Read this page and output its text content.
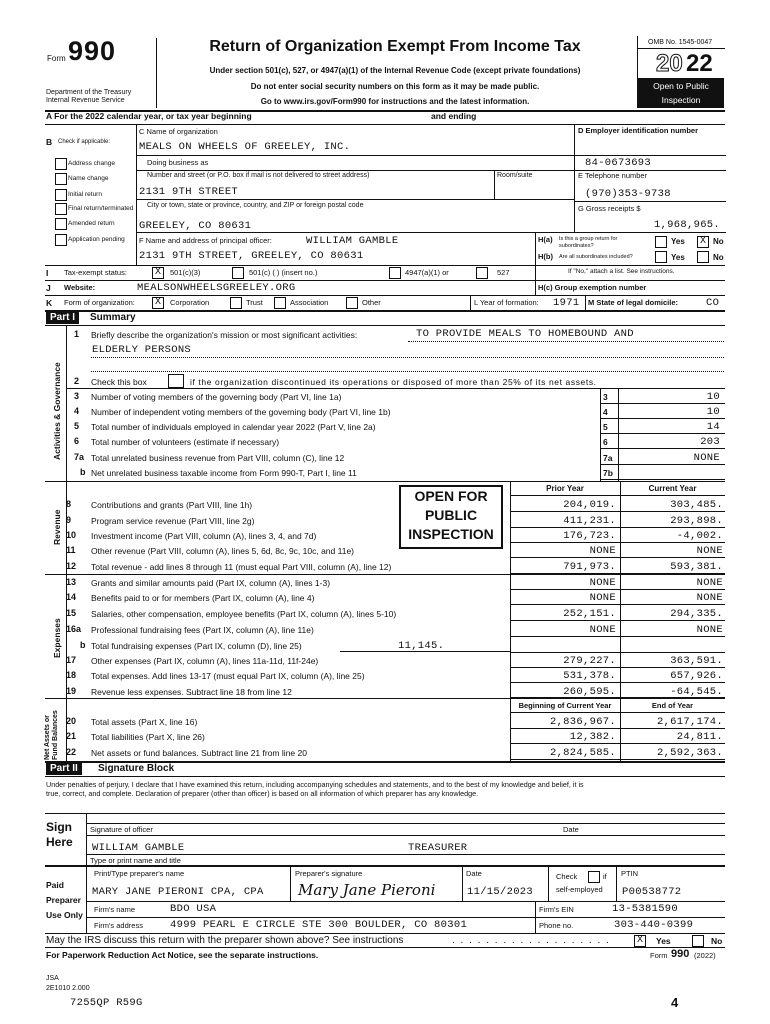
Form 990
Department of the Treasury
Internal Revenue Service
Return of Organization Exempt From Income Tax
Under section 501(c), 527, or 4947(a)(1) of the Internal Revenue Code (except private foundations)
Do not enter social security numbers on this form as it may be made public.
Go to www.irs.gov/Form990 for instructions and the latest information.
OMB No. 1545-0047
20 22
Open to Public
Inspection
A For the 2022 calendar year, or tax year beginning	and ending
B Check if applicable:
Address change
Name change
Initial return
Final return/terminated
Amended return
Application pending
C Name of organization
MEALS ON WHEELS OF GREELEY, INC.
Doing business as
Number and street (or P.O. box if mail is not delivered to street address)	Room/suite
2131 9TH STREET
City or town, state or province, country, and ZIP or foreign postal code
GREELEY, CO 80631
F Name and address of principal officer:	WILLIAM GAMBLE
2131 9TH STREET, GREELEY, CO 80631
D Employer identification number
84-0673693
E Telephone number
(970)353-9738
G Gross receipts $
1,968,965.
H(a) Is this a group return for
subordinates?	Yes X No
H(b) Are all subordinates included?	Yes	No
I Tax-exempt status:	X	501(c)(3)	501(c) ( ) (insert no.)	4947(a)(1) or	527	If "No," attach a list. See instructions.
J Website:	MEALSONWHEELSGREELEY.ORG	H(c) Group exemption number
K Form of organization: X	Corporation	Trust	Association	Other	L Year of formation: 1971 M State of legal domicile:	CO
Part I	Summary
Activities & Governance
1 Briefly describe the organization's mission or most significant activities:	TO PROVIDE MEALS TO HOMEBOUND AND
ELDERLY PERSONS
2 Check this box	if the organization discontinued its operations or disposed of more than 25% of its net assets.
3 Number of voting members of the governing body (Part VI, line 1a)	3	10
4 Number of independent voting members of the governing body (Part VI, line 1b)	4	10
5 Total number of individuals employed in calendar year 2022 (Part V, line 2a)	5	14
6 Total number of volunteers (estimate if necessary)	6	203
7a Total unrelated business revenue from Part VIII, column (C), line 12	7a	NONE
b Net unrelated business taxable income from Form 990-T, Part I, line 11	7b
Prior Year	Current Year
OPEN FOR
PUBLIC
INSPECTION
Revenue
8 Contributions and grants (Part VIII, line 1h)	204,019.	303,485.
9 Program service revenue (Part VIII, line 2g)	411,231.	293,898.
10 Investment income (Part VIII, column (A), lines 3, 4, and 7d)	176,723.	-4,002.
11 Other revenue (Part VIII, column (A), lines 5, 6d, 8c, 9c, 10c, and 11e)	NONE	NONE
12 Total revenue - add lines 8 through 11 (must equal Part VIII, column (A), line 12)	791,973.	593,381.
Expenses
13 Grants and similar amounts paid (Part IX, column (A), lines 1-3)	NONE	NONE
14 Benefits paid to or for members (Part IX, column (A), line 4)	NONE	NONE
15 Salaries, other compensation, employee benefits (Part IX, column (A), lines 5-10)	252,151.	294,335.
16a Professional fundraising fees (Part IX, column (A), line 11e)	NONE	NONE
b Total fundraising expenses (Part IX, column (D), line 25)	11,145.
17 Other expenses (Part IX, column (A), lines 11a-11d, 11f-24e)	279,227.	363,591.
18 Total expenses. Add lines 13-17 (must equal Part IX, column (A), line 25)	531,378.	657,926.
19 Revenue less expenses. Subtract line 18 from line 12	260,595.	-64,545.
Net Assets or Fund Balances
Beginning of Current Year	End of Year
20 Total assets (Part X, line 16)	2,836,967.	2,617,174.
21 Total liabilities (Part X, line 26)	12,382.	24,811.
22 Net assets or fund balances. Subtract line 21 from line 20	2,824,585.	2,592,363.
Part II	Signature Block
Under penalties of perjury, I declare that I have examined this return, including accompanying schedules and statements, and to the best of my knowledge and belief, it is
true, correct, and complete. Declaration of preparer (other than officer) is based on all information of which preparer has any knowledge.
Sign
Here
Signature of officer	Date
WILLIAM GAMBLE	TREASURER
Type or print name and title
Paid
Preparer
Use Only
Print/Type preparer's name	Preparer's signature	Date	Check	if
self-employed
PTIN
MARY JANE PIERONI CPA, CPA Mary Jane Pieroni	11/15/2023	P00538772
Firm's name	BDO USA	Firm's EIN	13-5381590
Firm's address	4999 PEARL E CIRCLE STE 300 BOULDER, CO 80301	Phone no.	303-440-0399
May the IRS discuss this return with the preparer shown above? See instructions	. . . . . . . . . . . . . . . . . . .	X	Yes	No
For Paperwork Reduction Act Notice, see the separate instructions.	Form 990 (2022)
JSA
2E1010 2.000
7255QP R59G	4
